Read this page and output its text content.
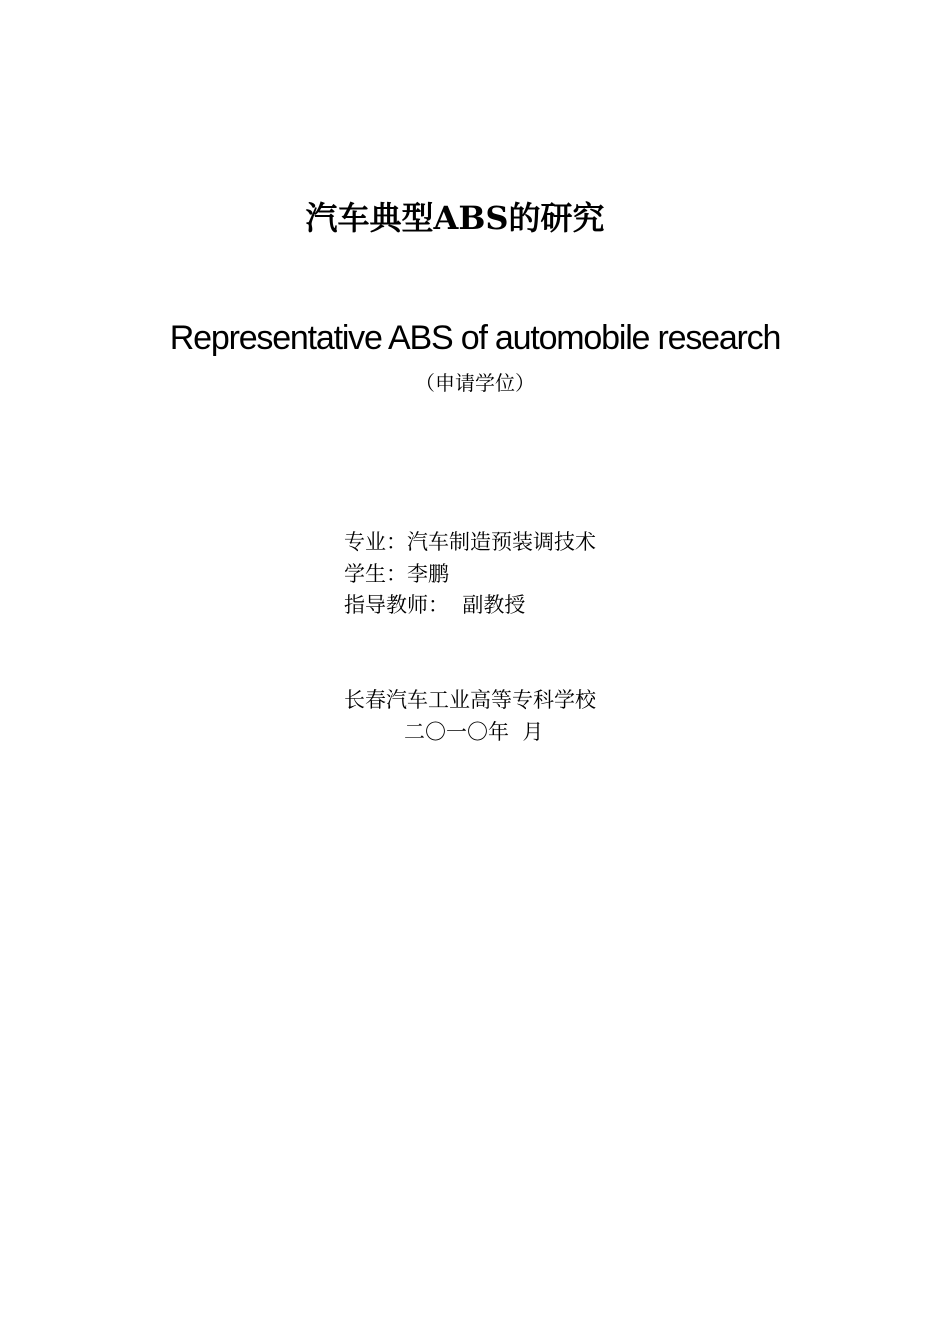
汽车典型ABS的研究
Representative ABS of automobile research
（申请学位）
专业：汽车制造预装调技术
学生：李鹏
指导教师：  副教授
长春汽车工业高等专科学校
二〇一〇年  月
